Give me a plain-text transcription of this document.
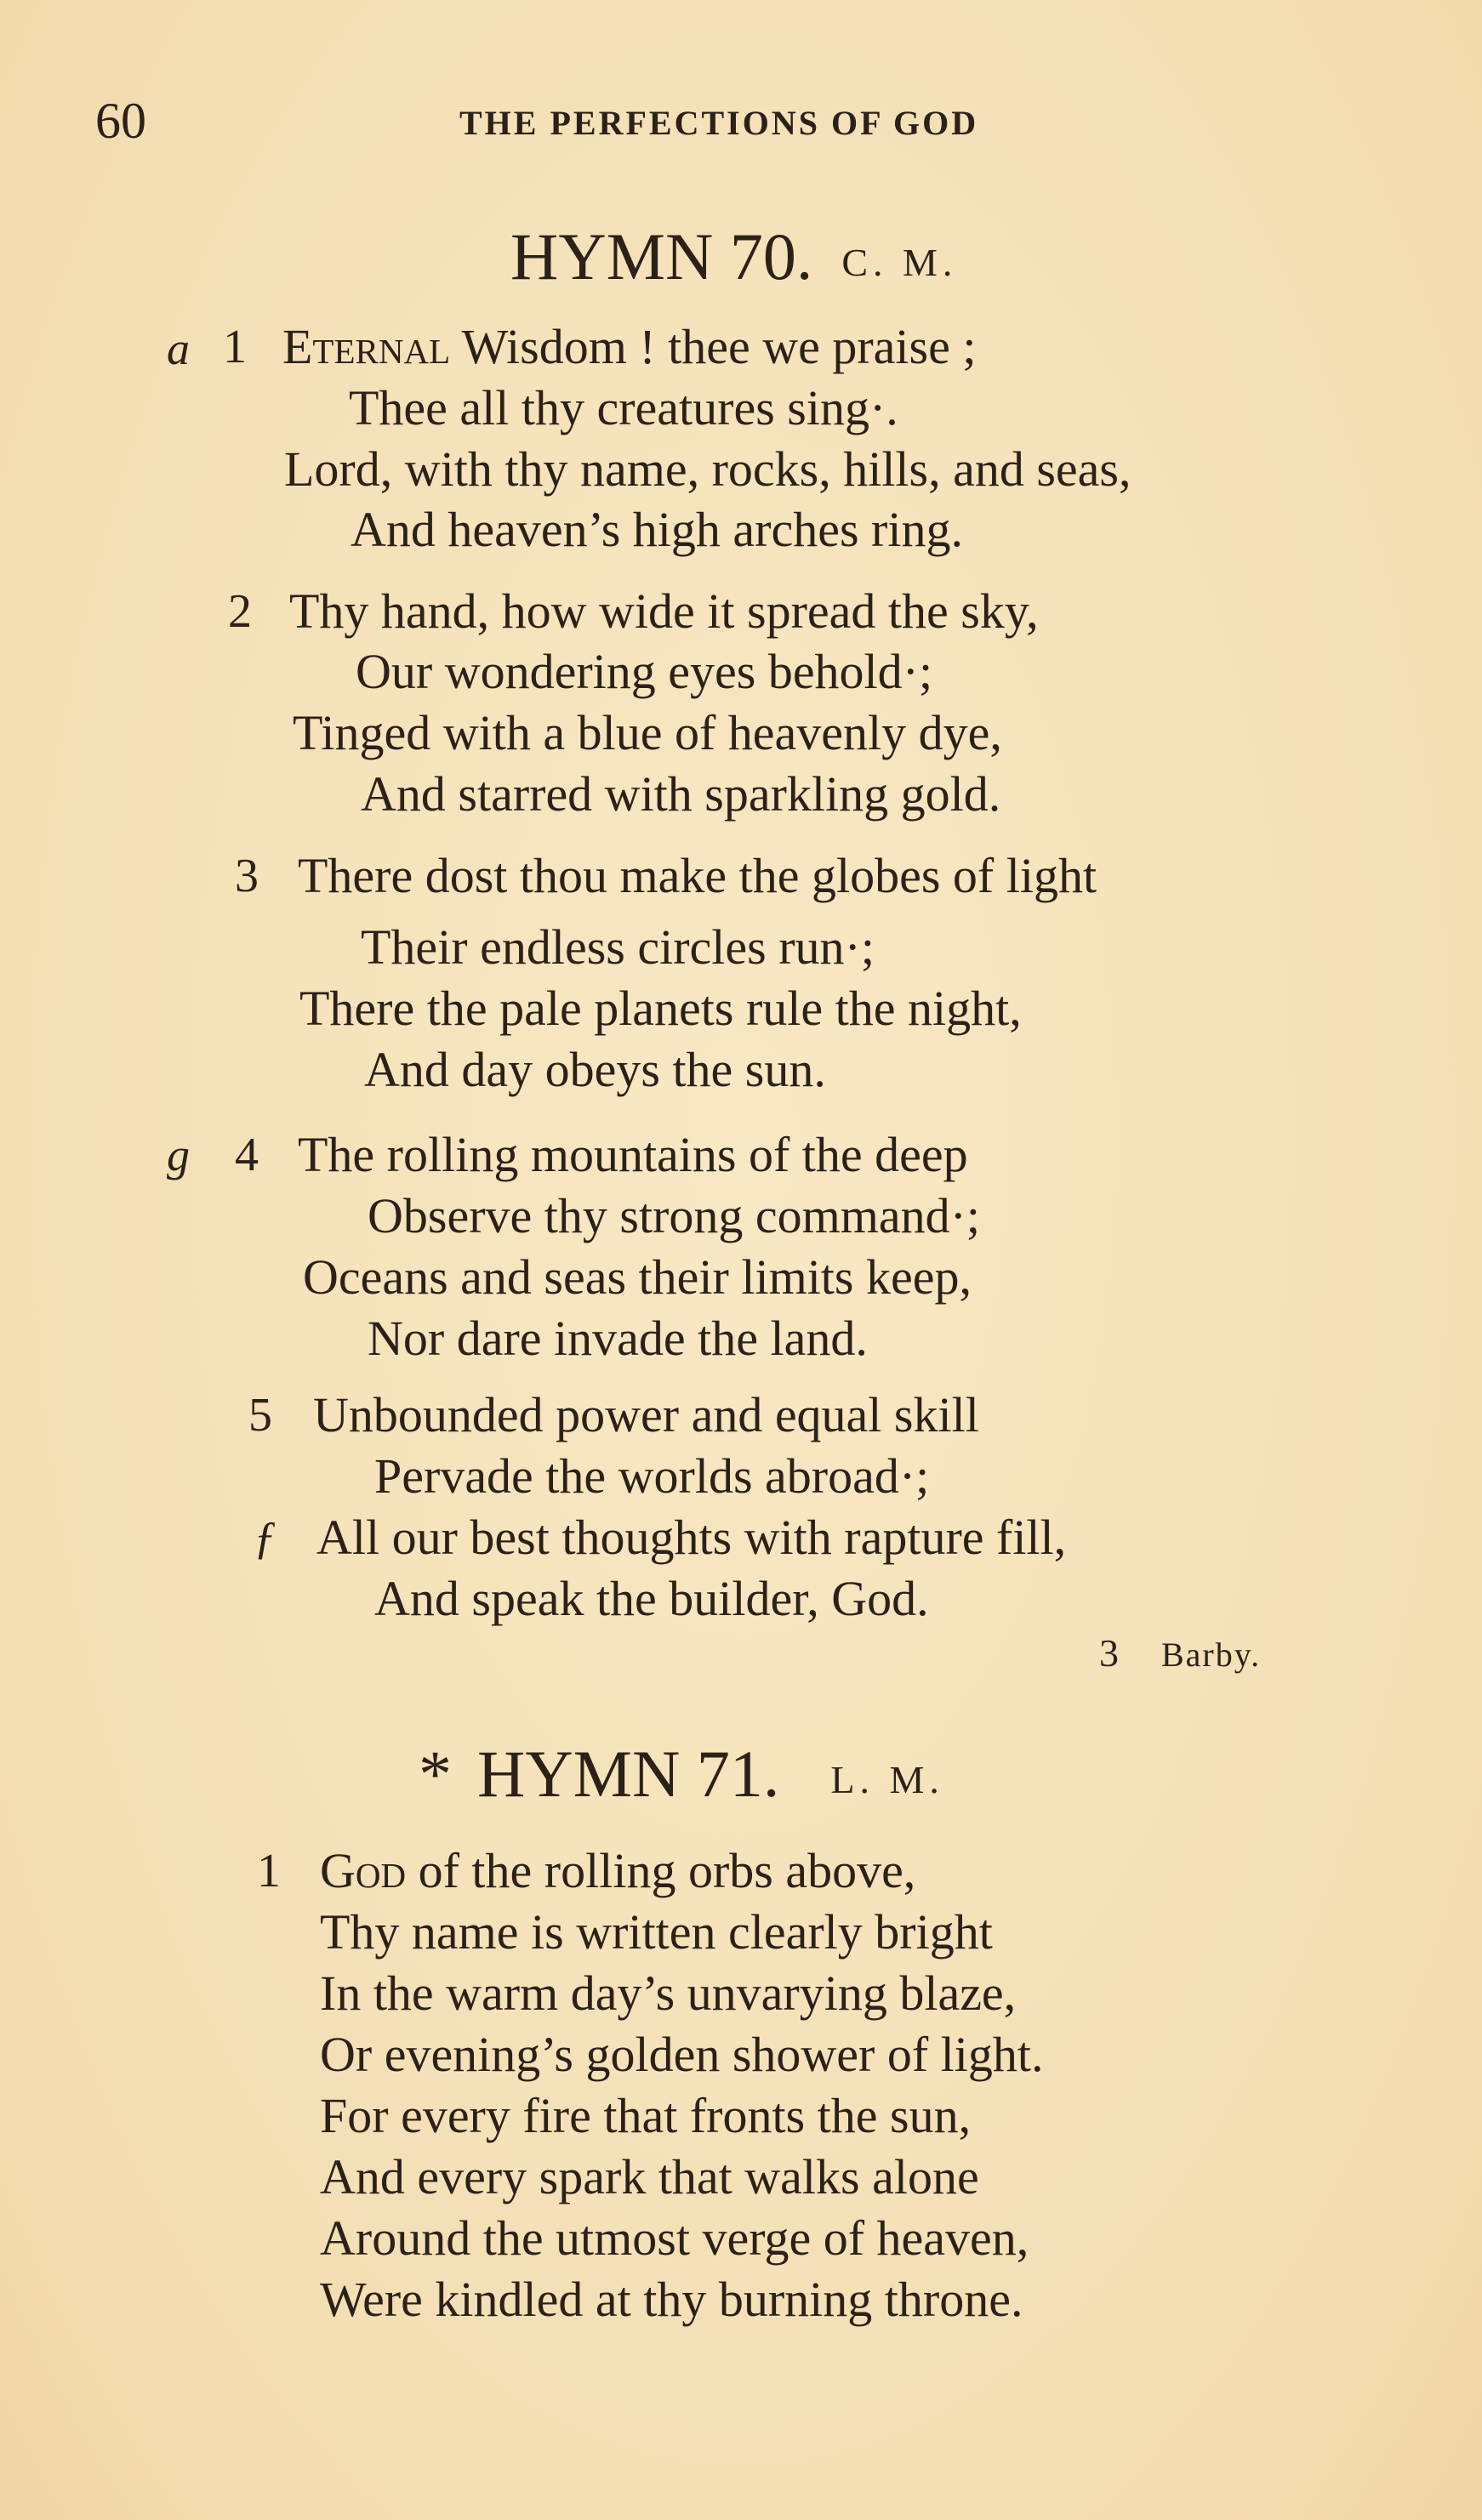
60	THE PERFECTIONS OF GOD
HYMN 70. C. M.
a 1 Eternal Wisdom ! thee we praise ;
Thee all thy creatures sing·.
Lord, with thy name, rocks, hills, and seas,
And heaven’s high arches ring.
2 Thy hand, how wide it spread the sky,
Our wondering eyes behold·;
Tinged with a blue of heavenly dye,
And starred with sparkling gold.
3 There dost thou make the globes of light
Their endless circles run·;
There the pale planets rule the night,
And day obeys the sun.
g 4 The rolling mountains of the deep
Observe thy strong command·;
Oceans and seas their limits keep,
Nor dare invade the land.
5 Unbounded power and equal skill
Pervade the worlds abroad·;
ƒ All our best thoughts with rapture fill,
And speak the builder, God.
3 Barby.
* HYMN 71. L. M.
1 God of the rolling orbs above,
Thy name is written clearly bright
In the warm day’s unvarying blaze,
Or evening’s golden shower of light.
For every fire that fronts the sun,
And every spark that walks alone
Around the utmost verge of heaven,
Were kindled at thy burning throne.
